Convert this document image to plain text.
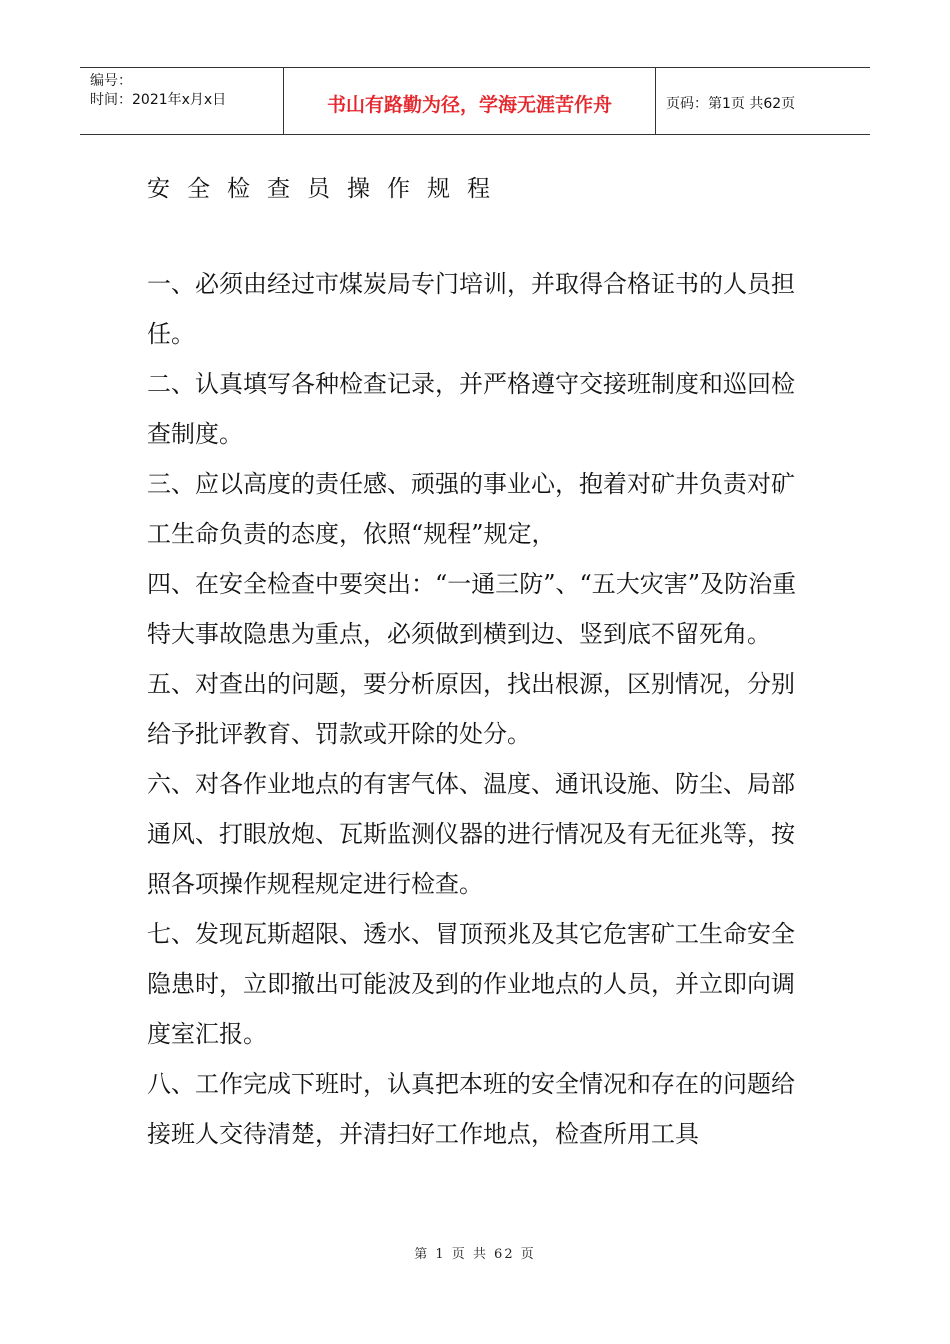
编号：
时间：2021年x月x日	书山有路勤为径，学海无涯苦作舟	页码：第1页 共62页
安全检查员操作规程

一、必须由经过市煤炭局专门培训，并取得合格证书的人员担任。

二、认真填写各种检查记录，并严格遵守交接班制度和巡回检查制度。

三、应以高度的责任感、顽强的事业心，抱着对矿井负责对矿工生命负责的态度，依照“规程”规定，

四、在安全检查中要突出：“一通三防”、“五大灾害”及防治重特大事故隐患为重点，必须做到横到边、竖到底不留死角。

五、对查出的问题，要分析原因，找出根源，区别情况，分别给予批评教育、罚款或开除的处分。

六、对各作业地点的有害气体、温度、通讯设施、防尘、局部通风、打眼放炮、瓦斯监测仪器的进行情况及有无征兆等，按照各项操作规程规定进行检查。

七、发现瓦斯超限、透水、冒顶预兆及其它危害矿工生命安全隐患时，立即撤出可能波及到的作业地点的人员，并立即向调度室汇报。

八、工作完成下班时，认真把本班的安全情况和存在的问题给接班人交待清楚，并清扫好工作地点，检查所用工具

第 1 页 共 62 页
